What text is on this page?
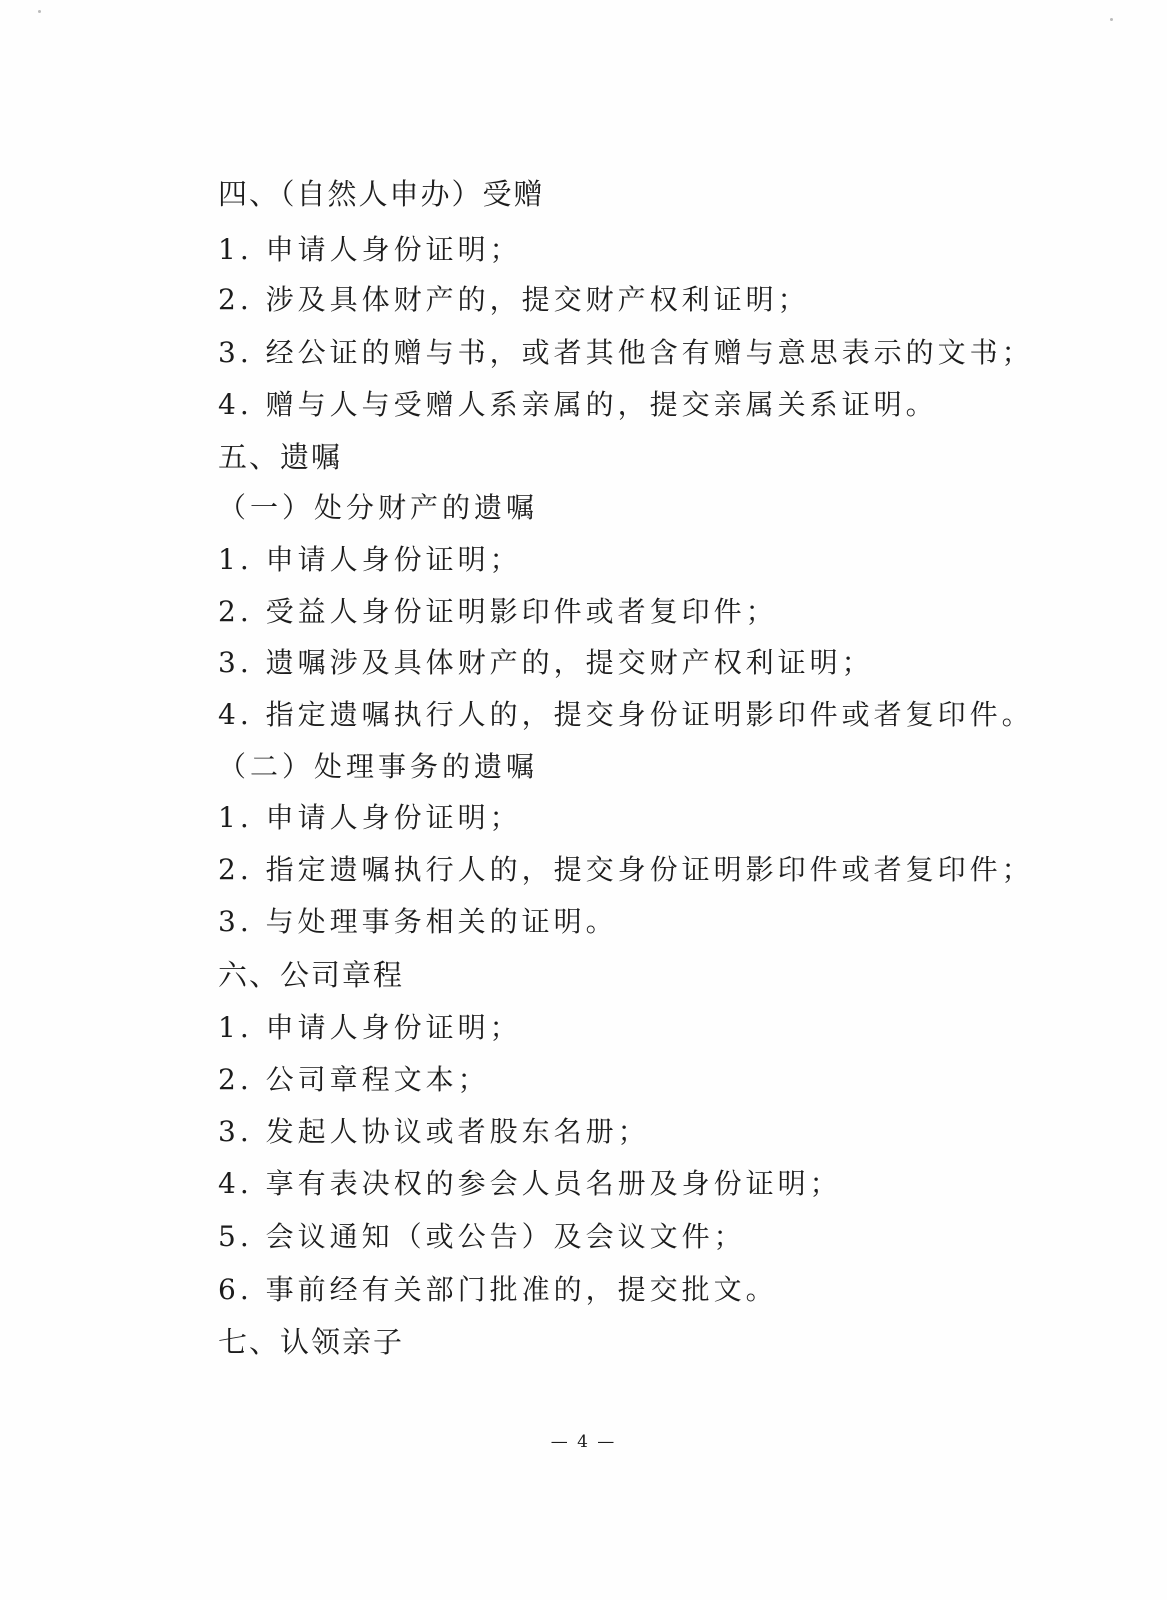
四、（自然人申办）受赠
1. 申请人身份证明；
2. 涉及具体财产的，提交财产权利证明；
3. 经公证的赠与书，或者其他含有赠与意思表示的文书；
4. 赠与人与受赠人系亲属的，提交亲属关系证明。
五、遗嘱
（一）处分财产的遗嘱
1. 申请人身份证明；
2. 受益人身份证明影印件或者复印件；
3. 遗嘱涉及具体财产的，提交财产权利证明；
4. 指定遗嘱执行人的，提交身份证明影印件或者复印件。
（二）处理事务的遗嘱
1. 申请人身份证明；
2. 指定遗嘱执行人的，提交身份证明影印件或者复印件；
3. 与处理事务相关的证明。
六、公司章程
1. 申请人身份证明；
2. 公司章程文本；
3. 发起人协议或者股东名册；
4. 享有表决权的参会人员名册及身份证明；
5. 会议通知（或公告）及会议文件；
6. 事前经有关部门批准的，提交批文。
七、认领亲子
— 4 —
